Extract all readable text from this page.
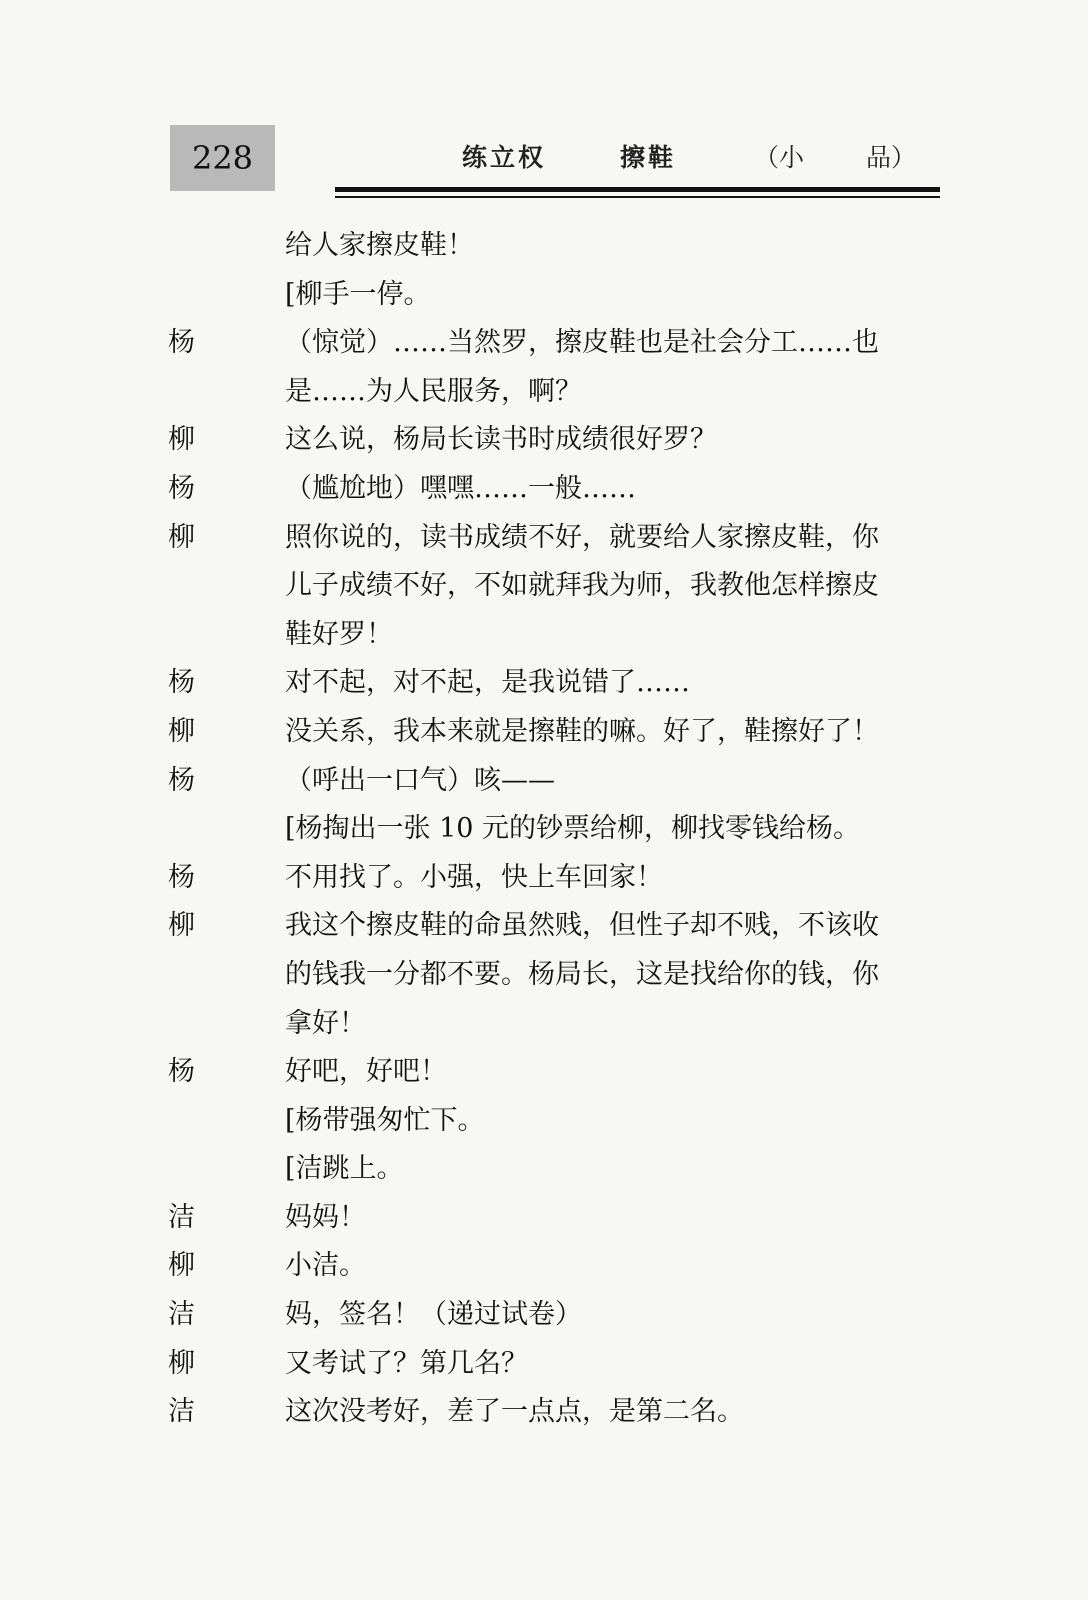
228	练立权	擦鞋	（小 品）
给人家擦皮鞋！
[柳手一停。
杨	（惊觉）……当然罗，擦皮鞋也是社会分工……也
是……为人民服务，啊？
柳	这么说，杨局长读书时成绩很好罗？
杨	（尴尬地）嘿嘿……一般……
柳	照你说的，读书成绩不好，就要给人家擦皮鞋，你
儿子成绩不好，不如就拜我为师，我教他怎样擦皮
鞋好罗！
杨	对不起，对不起，是我说错了……
柳	没关系，我本来就是擦鞋的嘛。好了，鞋擦好了！
杨	（呼出一口气）咳——
[杨掏出一张 10 元的钞票给柳，柳找零钱给杨。
杨	不用找了。小强，快上车回家！
柳	我这个擦皮鞋的命虽然贱，但性子却不贱，不该收
的钱我一分都不要。杨局长，这是找给你的钱，你
拿好！
杨	好吧，好吧！
[杨带强匆忙下。
[洁跳上。
洁	妈妈！
柳	小洁。
洁	妈，签名！（递过试卷）
柳	又考试了？第几名？
洁	这次没考好，差了一点点，是第二名。
